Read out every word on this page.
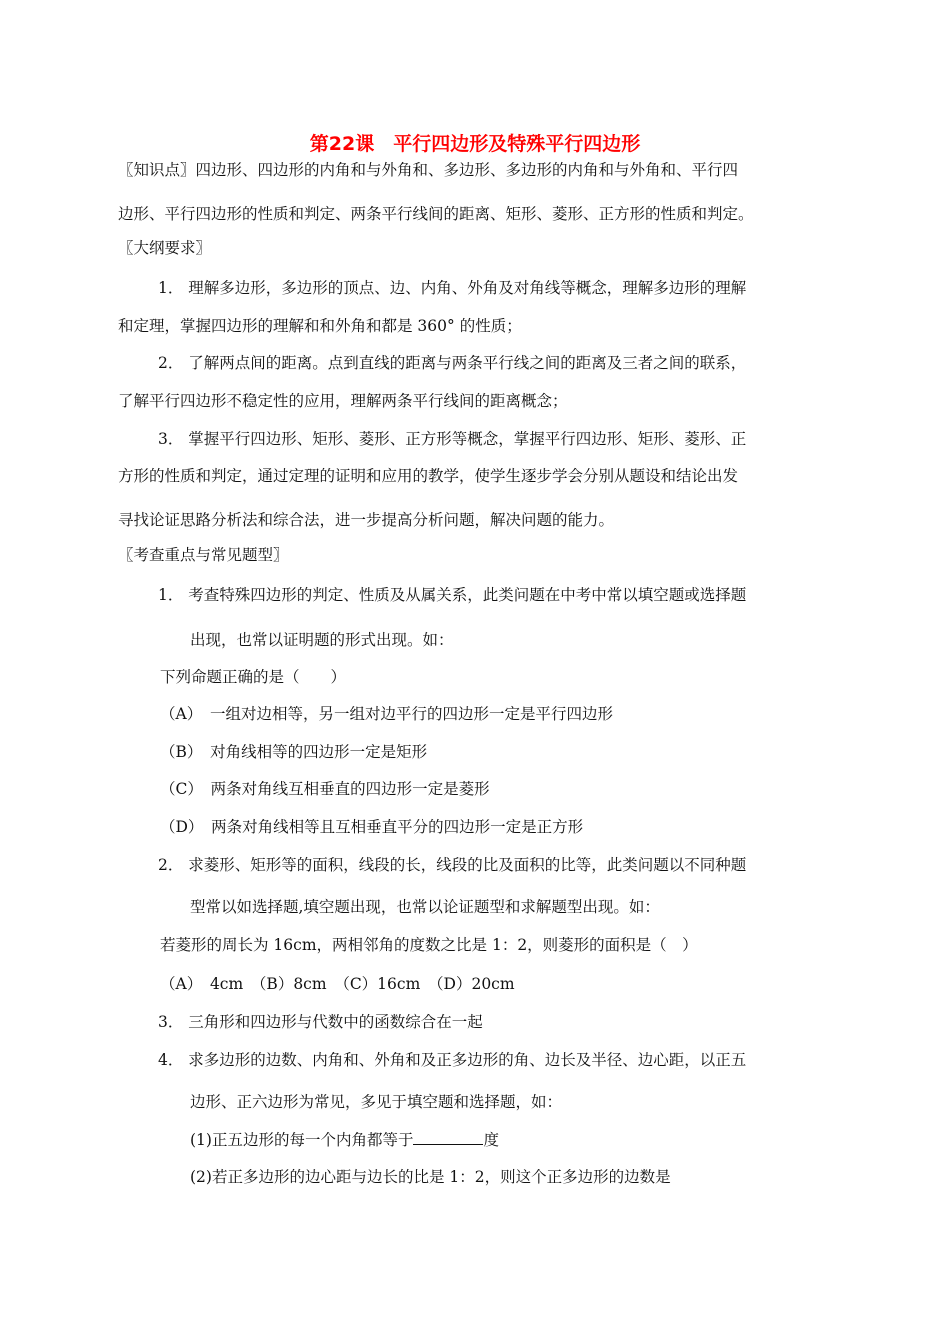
第22课　平行四边形及特殊平行四边形
〖知识点〗四边形、四边形的内角和与外角和、多边形、多边形的内角和与外角和、平行四
边形、平行四边形的性质和判定、两条平行线间的距离、矩形、菱形、正方形的性质和判定。
〖大纲要求〗
1． 理解多边形，多边形的顶点、边、内角、外角及对角线等概念，理解多边形的理解
和定理，掌握四边形的理解和和外角和都是 360° 的性质；
2． 了解两点间的距离。点到直线的距离与两条平行线之间的距离及三者之间的联系，
了解平行四边形不稳定性的应用，理解两条平行线间的距离概念；
3． 掌握平行四边形、矩形、菱形、正方形等概念，掌握平行四边形、矩形、菱形、正
方形的性质和判定，通过定理的证明和应用的教学，使学生逐步学会分别从题设和结论出发
寻找论证思路分析法和综合法，进一步提高分析问题，解决问题的能力。
〖考查重点与常见题型〗
1． 考查特殊四边形的判定、性质及从属关系，此类问题在中考中常以填空题或选择题
出现，也常以证明题的形式出现。如：
下列命题正确的是（　　）
（A）　一组对边相等，另一组对边平行的四边形一定是平行四边形
（B）　对角线相等的四边形一定是矩形
（C）　两条对角线互相垂直的四边形一定是菱形
（D）　两条对角线相等且互相垂直平分的四边形一定是正方形
2． 求菱形、矩形等的面积，线段的长，线段的比及面积的比等，此类问题以不同种题
型常以如选择题,填空题出现，也常以论证题型和求解题型出现。如：
若菱形的周长为 16cm，两相邻角的度数之比是 1：2，则菱形的面积是（　）
（A）　4cm　（B）8cm　（C）16cm　（D）20cm
3． 三角形和四边形与代数中的函数综合在一起
4． 求多边形的边数、内角和、外角和及正多边形的角、边长及半径、边心距，以正五
边形、正六边形为常见，多见于填空题和选择题，如：
(1)正五边形的每一个内角都等于	度
(2)若正多边形的边心距与边长的比是 1：2，则这个正多边形的边数是
